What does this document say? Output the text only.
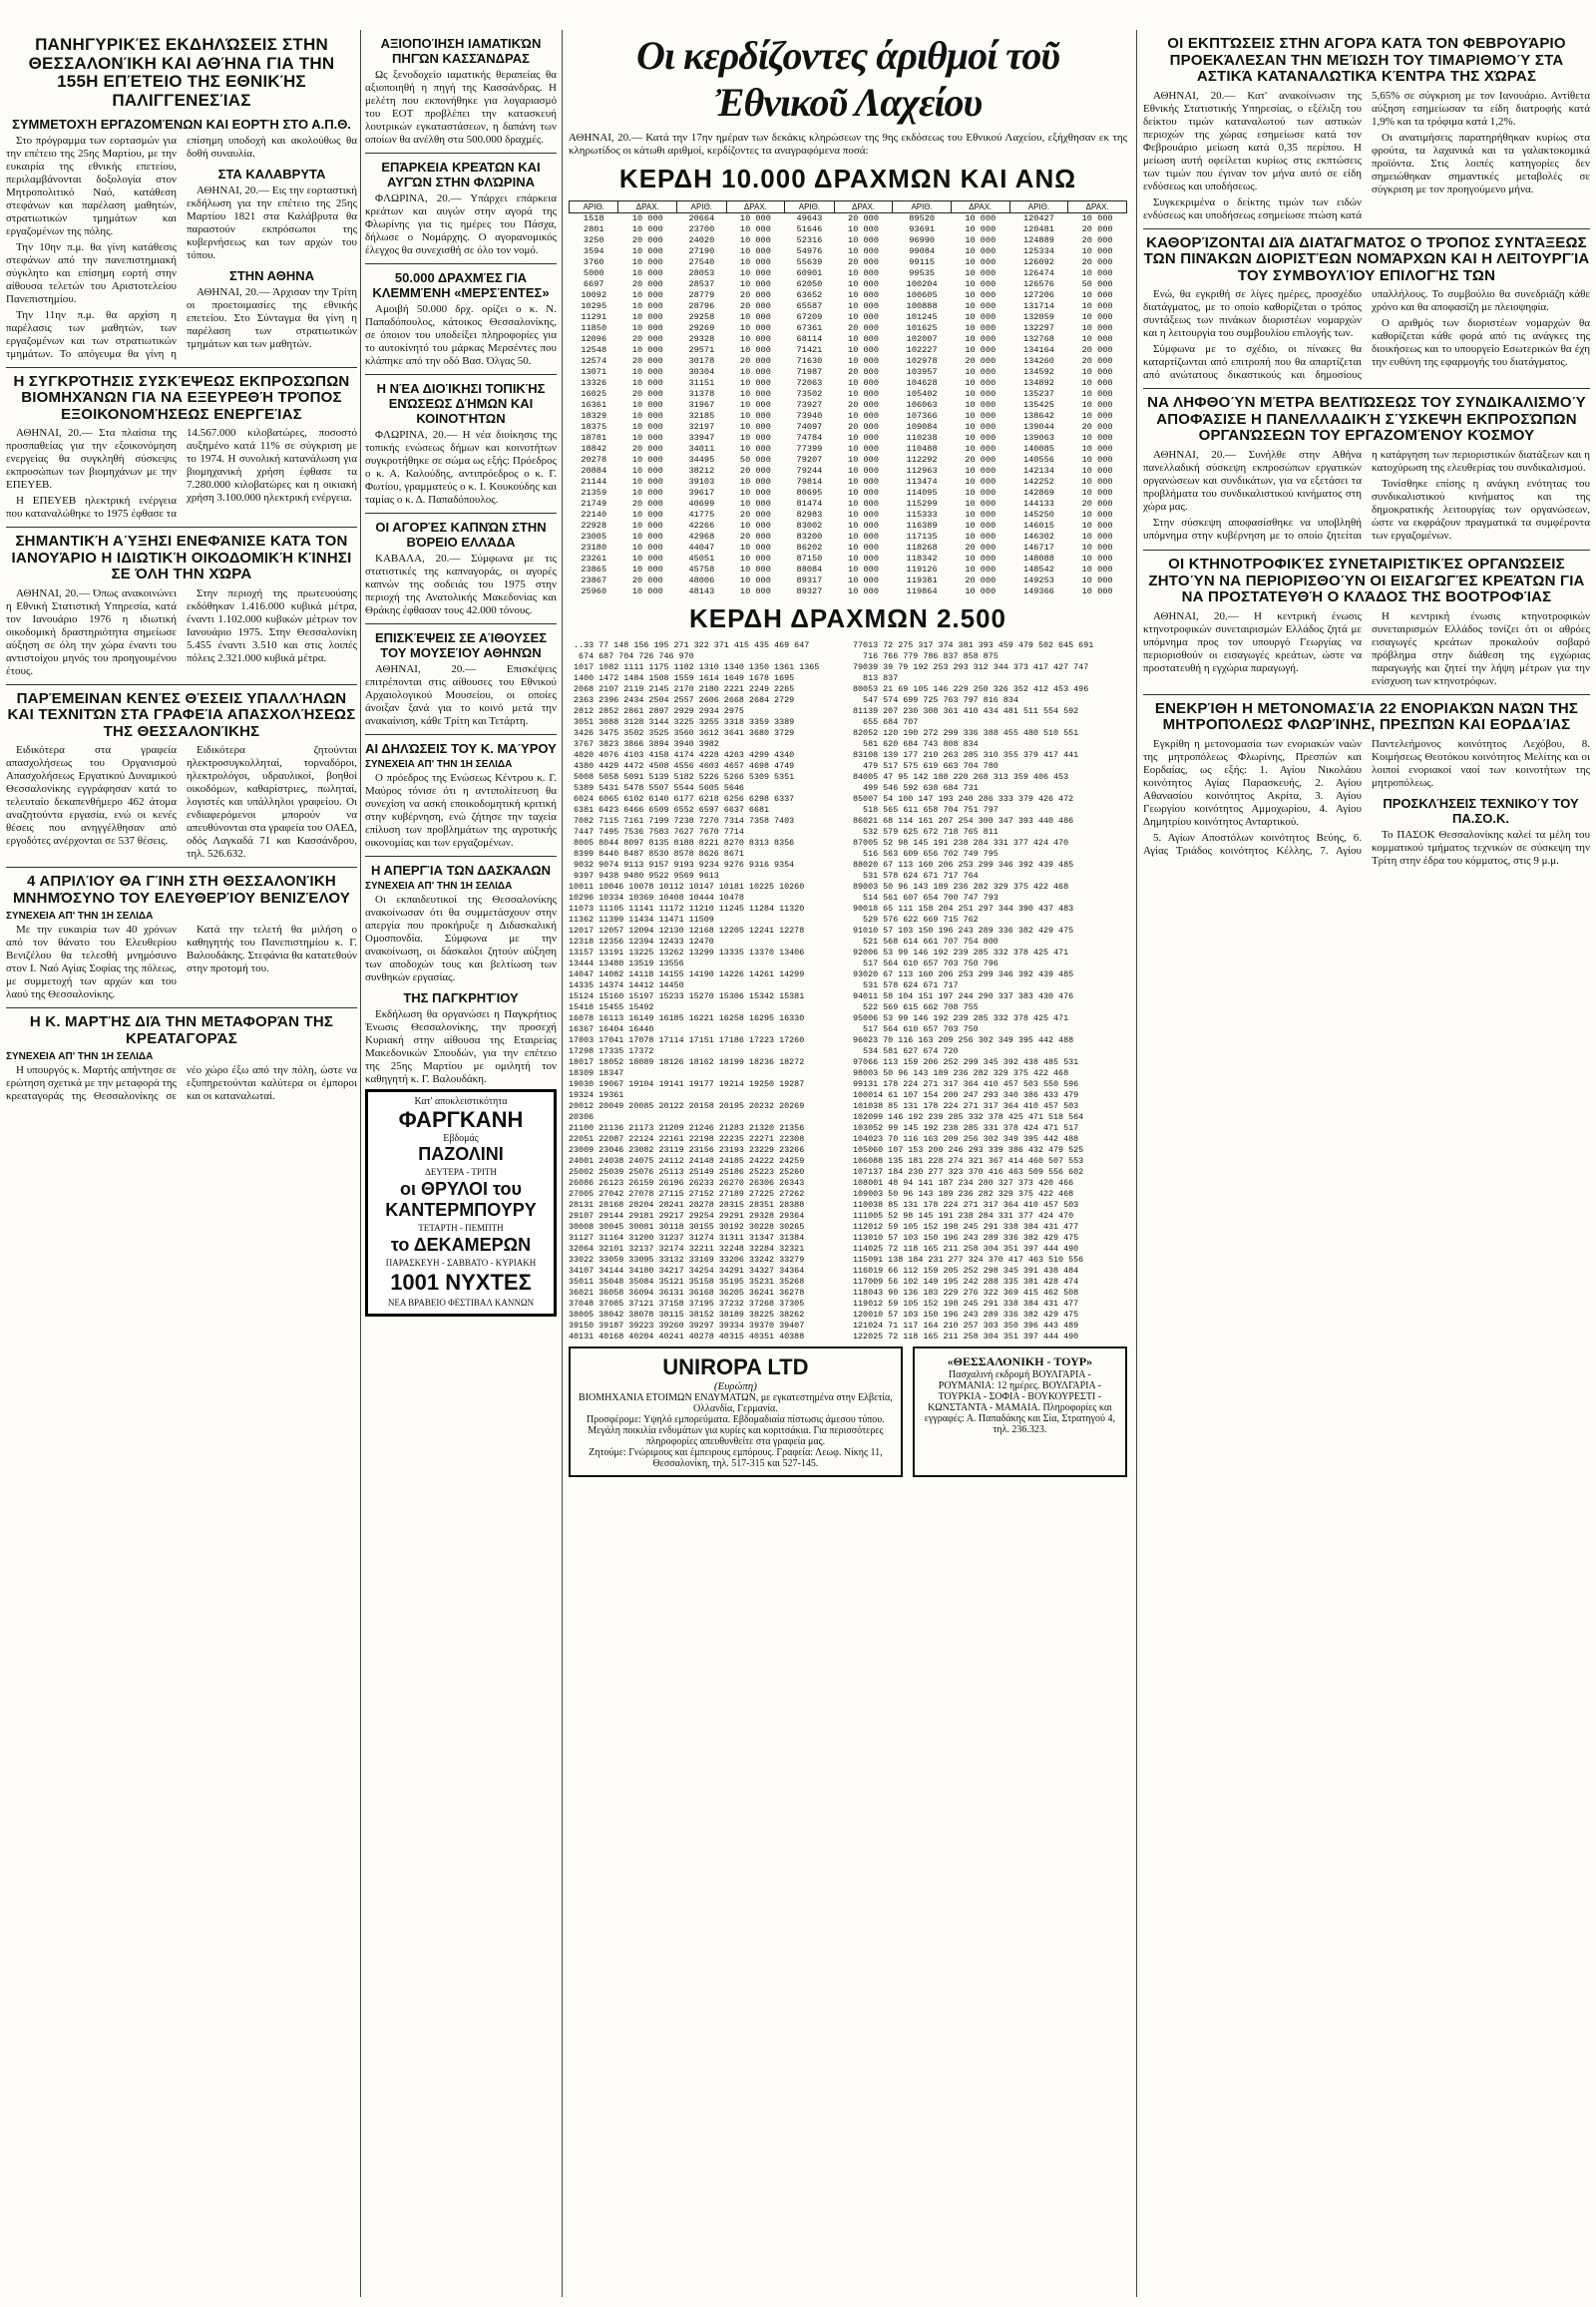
ΠΑΝΗΓΥΡΙΚΈΣ ΕΚΔΗΛΏΣΕΙΣ ΣΤΗΝ ΘΕΣΣΑΛΟΝΊΚΗ ΚΑΙ ΑΘΉΝΑ ΓΙΑ ΤΗΝ 155Η ΕΠΈΤΕΙΟ ΤΗΣ ΕΘΝΙΚΉΣ ΠΑΛΙΓΓΕΝΕΣΊΑΣ
ΣΥΜΜΕΤΟΧΉ ΕΡΓΑΖΟΜΈΝΩΝ ΚΑΙ ΕΟΡΤΉ ΣΤΟ Α.Π.Θ.

Στο πρόγραμμα των εορτασμών για την επέτειο της 25ης Μαρτίου, με την ευκαιρία της εθνικής επετείου, περιλαμβάνονται δοξολογία στον Μητροπολιτικό Ναό, κατάθεση στεφάνων και παρέλαση μαθητών, στρατιωτικών τμημάτων και εργαζομένων της πόλης.

Την 10ην π.μ. θα γίνη κατάθεσις στεφάνων από την πανεπιστημιακή σύγκλητο και επίσημη εορτή στην αίθουσα τελετών του Αριστοτελείου Πανεπιστημίου.

Την 11ην π.μ. θα αρχίση η παρέλασις των μαθητών, των εργαζομένων και των στρατιωτικών τμημάτων. Το απόγευμα θα γίνη η επίσημη υποδοχή και ακολούθως θα δοθή συναυλία.

ΣΤΑ ΚΑΛΑΒΡΥΤΑ

ΑΘΗΝΑΙ, 20.— Εις την εορταστική εκδήλωση για την επέτειο της 25ης Μαρτίου 1821 στα Καλάβρυτα θα παραστούν εκπρόσωποι της κυβερνήσεως και των αρχών του τόπου.

ΣΤΗΝ ΑΘΗΝΑ

ΑΘΗΝΑΙ, 20.— Άρχισαν την Τρίτη οι προετοιμασίες της εθνικής επετείου. Στο Σύνταγμα θα γίνη η παρέλαση των στρατιωτικών τμημάτων και των μαθητών.

Η ΣΥΓΚΡΌΤΗΣΙΣ ΣΥΣΚΈΨΕΩΣ ΕΚΠΡΟΣΏΠΩΝ ΒΙΟΜΗΧΆΝΩΝ ΓΙΑ ΝΑ ΕΞΕΥΡΕΘΉ ΤΡΌΠΟΣ ΕΞΟΙΚΟΝΟΜΉΣΕΩΣ ΕΝΕΡΓΕΊΑΣ

ΑΘΗΝΑΙ, 20.— Στα πλαίσια της προσπαθείας για την εξοικονόμηση ενεργείας θα συγκληθή σύσκεψις εκπροσώπων των βιομηχάνων με την ΕΠΕΥΕΒ.

Η ΕΠΕΥΕΒ ηλεκτρική ενέργεια που καταναλώθηκε το 1975 έφθασε τα 14.567.000 κιλοβατώρες, ποσοστό αυξημένο κατά 11% σε σύγκριση με το 1974. Η συνολική κατανάλωση για βιομηχανική χρήση έφθασε τα 7.280.000 κιλοβατώρες και η οικιακή χρήση 3.100.000 ηλεκτρική ενέργεια.

ΣΗΜΑΝΤΙΚΉ ΑΎΞΗΣΙ ΕΝΕΦΆΝΙΣΕ ΚΑΤΆ ΤΟΝ ΙΑΝΟΥΆΡΙΟ Η ΙΔΙΩΤΙΚΉ ΟΙΚΟΔΟΜΙΚΉ ΚΊΝΗΣΙ ΣΕ ΌΛΗ ΤΗΝ ΧΏΡΑ

ΑΘΗΝΑΙ, 20.— Όπως ανακοινώνει η Εθνική Στατιστική Υπηρεσία, κατά τον Ιανουάριο 1976 η ιδιωτική οικοδομική δραστηριότητα σημείωσε αύξηση σε όλη την χώρα έναντι του αντιστοίχου μηνός του προηγουμένου έτους.

Στην περιοχή της πρωτευούσης εκδόθηκαν 1.416.000 κυβικά μέτρα, έναντι 1.102.000 κυβικών μέτρων τον Ιανουάριο 1975. Στην Θεσσαλονίκη 5.455 έναντι 3.510 και στις λοιπές πόλεις 2.321.000 κυβικά μέτρα.

ΠΑΡΈΜΕΙΝΑΝ ΚΕΝΈΣ ΘΈΣΕΙΣ ΥΠΑΛΛΉΛΩΝ ΚΑΙ ΤΕΧΝΙΤΏΝ ΣΤΑ ΓΡΑΦΕΊΑ ΑΠΑΣΧΟΛΉΣΕΩΣ ΤΗΣ ΘΕΣΣΑΛΟΝΊΚΗΣ

Ειδικότερα στα γραφεία απασχολήσεως του Οργανισμού Απασχολήσεως Εργατικού Δυναμικού Θεσσαλονίκης εγγράφησαν κατά το τελευταίο δεκαπενθήμερο 462 άτομα αναζητούντα εργασία, ενώ οι κενές θέσεις που ανηγγέλθησαν από εργοδότες ανέρχονται σε 537 θέσεις.

Ειδικότερα ζητούνται ηλεκτροσυγκολληταί, τορναδόροι, ηλεκτρολόγοι, υδραυλικοί, βοηθοί οικοδόμων, καθαρίστριες, πωληταί, λογιστές και υπάλληλοι γραφείου. Οι ενδιαφερόμενοι μπορούν να απευθύνονται στα γραφεία του ΟΑΕΔ, οδός Λαγκαδά 71 και Κασσάνδρου, τηλ. 526.632.

4 ΑΠΡΙΛΊΟΥ ΘΑ ΓΊΝΗ ΣΤΗ ΘΕΣΣΑΛΟΝΊΚΗ ΜΝΗΜΌΣΥΝΟ ΤΟΥ ΕΛΕΥΘΕΡΊΟΥ ΒΕΝΙΖΈΛΟΥ
ΣΥΝΕΧΕΙΑ ΑΠ' ΤΗΝ 1Η ΣΕΛΙΔΑ

Με την ευκαιρία των 40 χρόνων από τον θάνατο του Ελευθερίου Βενιζέλου θα τελεσθή μνημόσυνο στον Ι. Ναό Αγίας Σοφίας της πόλεως, με συμμετοχή των αρχών και του λαού της Θεσσαλονίκης.

Κατά την τελετή θα μιλήση ο καθηγητής του Πανεπιστημίου κ. Γ. Βαλουδάκης. Στεφάνια θα κατατεθούν στην προτομή του.

Η Κ. ΜΑΡΤΉΣ ΔΙΆ ΤΗΝ ΜΕΤΑΦΟΡΆΝ ΤΗΣ ΚΡΕΑΤΑΓΟΡΆΣ
ΣΥΝΕΧΕΙΑ ΑΠ' ΤΗΝ 1Η ΣΕΛΙΔΑ

Η υπουργός κ. Μαρτής απήντησε σε ερώτηση σχετικά με την μεταφορά της κρεαταγοράς της Θεσσαλονίκης σε νέο χώρο έξω από την πόλη, ώστε να εξυπηρετούνται καλύτερα οι έμποροι και οι καταναλωταί.

ΑΞΙΟΠΟΊΗΣΗ ΙΑΜΑΤΙΚΏΝ ΠΗΓΏΝ ΚΑΣΣΆΝΔΡΑΣ

Ως ξενοδοχείο ιαματικής θεραπείας θα αξιοποιηθή η πηγή της Κασσάνδρας. Η μελέτη που εκπονήθηκε για λογαριασμό του ΕΟΤ προβλέπει την κατασκευή λουτρικών εγκαταστάσεων, η δαπάνη των οποίων θα ανέλθη στα 500.000 δραχμές.

ΕΠΆΡΚΕΙΑ ΚΡΕΆΤΩΝ ΚΑΙ ΑΥΓΏΝ ΣΤΗΝ ΦΛΏΡΙΝΑ

ΦΛΩΡΙΝΑ, 20.— Υπάρχει επάρκεια κρεάτων και αυγών στην αγορά της Φλωρίνης για τις ημέρες του Πάσχα, δήλωσε ο Νομάρχης. Ο αγορανομικός έλεγχος θα συνεχισθή σε όλο τον νομό.

50.000 ΔΡΑΧΜΈΣ ΓΙΑ ΚΛΕΜΜΈΝΗ «ΜΕΡΣΈΝΤΕΣ»

Αμοιβή 50.000 δρχ. ορίζει ο κ. Ν. Παπαδόπουλος, κάτοικος Θεσσαλονίκης, σε όποιον του υποδείξει πληροφορίες για το αυτοκίνητό του μάρκας Μερσέντες που κλάπηκε από την οδό Βασ. Όλγας 50.

Η ΝΈΑ ΔΙΟΊΚΗΣΙ ΤΟΠΙΚΉΣ ΕΝΏΣΕΩΣ ΔΉΜΩΝ ΚΑΙ ΚΟΙΝΟΤΉΤΩΝ

ΦΛΩΡΙΝΑ, 20.— Η νέα διοίκησις της τοπικής ενώσεως δήμων και κοινοτήτων συγκροτήθηκε σε σώμα ως εξής: Πρόεδρος ο κ. Α. Καλούδης, αντιπρόεδρος ο κ. Γ. Φωτίου, γραμματεύς ο κ. Ι. Κουκούδης και ταμίας ο κ. Δ. Παπαδόπουλος.

ΟΙ ΑΓΟΡΈΣ ΚΑΠΝΏΝ ΣΤΗΝ ΒΌΡΕΙΟ ΕΛΛΆΔΑ

ΚΑΒΑΛΑ, 20.— Σύμφωνα με τις στατιστικές της καπναγοράς, οι αγορές καπνών της σοδειάς του 1975 στην περιοχή της Ανατολικής Μακεδονίας και Θράκης έφθασαν τους 42.000 τόνους.

ΕΠΙΣΚΈΨΕΙΣ ΣΕ ΑΊΘΟΥΣΕΣ ΤΟΥ ΜΟΥΣΕΊΟΥ ΑΘΗΝΏΝ

ΑΘΗΝΑΙ, 20.— Επισκέψεις επιτρέπονται στις αίθουσες του Εθνικού Αρχαιολογικού Μουσείου, οι οποίες άνοιξαν ξανά για το κοινό μετά την ανακαίνιση, κάθε Τρίτη και Τετάρτη.

ΑΙ ΔΗΛΏΣΕΙΣ ΤΟΥ Κ. ΜΑΎΡΟΥ
ΣΥΝΕΧΕΙΑ ΑΠ' ΤΗΝ 1Η ΣΕΛΙΔΑ

Ο πρόεδρος της Ενώσεως Κέντρου κ. Γ. Μαύρος τόνισε ότι η αντιπολίτευση θα συνεχίση να ασκή εποικοδομητική κριτική στην κυβέρνηση, ενώ ζήτησε την ταχεία επίλυση των προβλημάτων της αγροτικής οικονομίας και των εργαζομένων.

Η ΑΠΕΡΓΊΑ ΤΩΝ ΔΑΣΚΆΛΩΝ
ΣΥΝΕΧΕΙΑ ΑΠ' ΤΗΝ 1Η ΣΕΛΙΔΑ

Οι εκπαιδευτικοί της Θεσσαλονίκης ανακοίνωσαν ότι θα συμμετάσχουν στην απεργία που προκήρυξε η Διδασκαλική Ομοσπονδία. Σύμφωνα με την ανακοίνωση, οι δάσκαλοι ζητούν αύξηση των αποδοχών τους και βελτίωση των συνθηκών εργασίας.

ΤΗΣ ΠΑΓΚΡΗΤΊΟΥ

Εκδήλωση θα οργανώσει η Παγκρήτιος Ένωσις Θεσσαλονίκης, την προσεχή Κυριακή στην αίθουσα της Εταιρείας Μακεδονικών Σπουδών, για την επέτειο της 25ης Μαρτίου με ομιλητή τον καθηγητή κ. Γ. Βαλουδάκη.

Κατ' αποκλειστικότητα
ΦΑΡΓΚΑΝΗ
Εβδομάς
ΠΑΖΟΛΙΝΙ
ΔΕΥΤΕΡΑ - ΤΡΙΤΗ
οι ΘΡΥΛΟΙ του ΚΑΝΤΕΡΜΠΟΥΡΥ
ΤΕΤΑΡΤΗ - ΠΕΜΠΤΗ
το ΔΕΚΑΜΕΡΩΝ
ΠΑΡΑΣΚΕΥΗ - ΣΑΒΒΑΤΟ - ΚΥΡΙΑΚΗ
1001 ΝΥΧΤΕΣ
ΝΕΑ ΒΡΑΒΕΙΟ ΦΕΣΤΙΒΑΛ ΚΑΝΝΩΝ
Οι κερδίζοντες άριθμοί τοῦ Ἐθνικοῦ Λαχείου
ΑΘΗΝΑΙ, 20.— Κατά την 17ην ημέραν των δεκάκις κληρώσεων της 9ης εκδόσεως του Εθνικού Λαχείου, εξήχθησαν εκ της κληρωτίδος οι κάτωθι αριθμοί, κερδίζοντες τα αναγραφόμενα ποσά:
ΚΕΡΔΗ 10.000 ΔΡΑΧΜΩΝ ΚΑΙ ΑΝΩ
ΑΡΙΘ.	ΔΡΑΧ.	ΑΡΙΘ.	ΔΡΑΧ.	ΑΡΙΘ.	ΔΡΑΧ.	ΑΡΙΘ.	ΔΡΑΧ.	ΑΡΙΘ.	ΔΡΑΧ.
1518	10 000	20664	10 000	49643	20 000	89520	10 000	120427	10 000
2801	10 000	23700	10 000	51646	10 000	93691	10 000	120481	20 000
3250	20 000	24020	10 000	52316	10 000	96990	10 000	124889	20 000
3594	10 000	27190	10 000	54976	10 000	99084	10 000	125334	10 000
3760	10 000	27540	10 000	55639	20 000	99115	10 000	126092	20 000
5000	10 000	28053	10 000	60901	10 000	99535	10 000	126474	10 000
6697	20 000	28537	10 000	62050	10 000	100204	10 000	126576	50 000
10092	10 000	28779	20 000	63652	10 000	100605	10 000	127206	10 000
10295	10 000	28796	20 000	65587	10 000	100888	10 000	131714	10 000
11291	10 000	29258	10 000	67209	10 000	101245	10 000	132059	10 000
11850	10 000	29269	10 000	67361	20 000	101625	10 000	132297	10 000
12096	20 000	29328	10 000	68114	10 000	102007	10 000	132768	10 000
12548	10 000	29571	10 000	71421	10 000	102227	10 000	134164	20 000
12574	20 000	30178	20 000	71630	10 000	102978	20 000	134260	20 000
13071	10 000	30304	10 000	71987	20 000	103957	10 000	134592	10 000
13326	10 000	31151	10 000	72063	10 000	104628	10 000	134892	10 000
16025	20 000	31378	10 000	73502	10 000	105402	10 000	135237	10 000
16361	10 000	31967	10 000	73927	20 000	106063	10 000	135425	10 000
18329	10 000	32185	10 000	73940	10 000	107366	10 000	138642	10 000
18375	10 000	32197	10 000	74097	20 000	109084	10 000	139044	20 000
18781	10 000	33947	10 000	74784	10 000	110238	10 000	139063	10 000
18842	20 000	34011	10 000	77399	10 000	110488	10 000	140085	10 000
20278	10 000	34495	50 000	79207	10 000	112292	20 000	140556	10 000
20884	10 000	38212	20 000	79244	10 000	112963	10 000	142134	10 000
21144	10 000	39103	10 000	79814	10 000	113474	10 000	142252	10 000
21359	10 000	39617	10 000	80695	10 000	114095	10 000	142869	10 000
21749	20 000	40699	10 000	81474	10 000	115299	10 000	144133	20 000
22140	10 000	41775	20 000	82983	10 000	115333	10 000	145250	10 000
22928	10 000	42266	10 000	83002	10 000	116389	10 000	146015	10 000
23005	10 000	42968	20 000	83200	10 000	117135	10 000	146302	10 000
23180	10 000	44047	10 000	86202	10 000	118268	20 000	146717	10 000
23261	10 000	45051	10 000	87150	10 000	118342	10 000	148088	10 000
23865	10 000	45758	10 000	88084	10 000	119126	10 000	148542	10 000
23867	20 000	48006	10 000	89317	10 000	119381	20 000	149253	10 000
25960	10 000	48143	10 000	89327	10 000	119864	10 000	149366	10 000
ΚΕΡΔΗ ΔΡΑΧΜΩΝ 2.500
..33 77 148 156 195 271 322 371 415 435 469 647
674 687 704 726 746 970
1017 1082 1111 1175 1182 1310 1340 1350 1361 1365
1400 1472 1484 1508 1559 1614 1649 1678 1695
2068 2107 2119 2145 2170 2180 2221 2249 2265
2363 2396 2434 2504 2557 2606 2668 2684 2729
2812 2852 2861 2897 2929 2934 2975
3051 3088 3128 3144 3225 3255 3318 3359 3389
3426 3475 3502 3525 3560 3612 3641 3680 3729
3767 3823 3866 3894 3940 3982
4020 4076 4103 4158 4174 4228 4263 4299 4340
4380 4429 4472 4508 4556 4603 4657 4698 4749
5008 5058 5091 5139 5182 5226 5266 5309 5351
5389 5431 5478 5507 5544 5605 5646
6024 6065 6102 6140 6177 6218 6256 6298 6337
6381 6423 6466 6509 6552 6597 6637 6681
7082 7115 7161 7199 7238 7270 7314 7358 7403
7447 7495 7536 7583 7627 7670 7714
8005 8044 8097 8135 8188 8221 8270 8313 8356
8399 8440 8487 8530 8578 8626 8671
9032 9074 9113 9157 9193 9234 9276 9316 9354
9397 9438 9480 9522 9569 9613
10011 10046 10078 10112 10147 10181 10225 10260
10296 10334 10369 10408 10444 10478
11073 11105 11141 11172 11210 11245 11284 11320
11362 11399 11434 11471 11509
12017 12057 12094 12130 12168 12205 12241 12278
12318 12356 12394 12433 12470
13157 13191 13225 13262 13299 13335 13370 13406
13444 13480 13519 13556
14047 14082 14118 14155 14190 14226 14261 14299
14335 14374 14412 14450
15124 15160 15197 15233 15270 15306 15342 15381
15418 15455 15492
16078 16113 16149 16185 16221 16258 16295 16330
16367 16404 16440
17003 17041 17078 17114 17151 17186 17223 17260
17298 17335 17372
18017 18052 18089 18126 18162 18199 18236 18272
18309 18347
19030 19067 19104 19141 19177 19214 19250 19287
19324 19361
20012 20049 20085 20122 20158 20195 20232 20269
20306
21100 21136 21173 21209 21246 21283 21320 21356
22051 22087 22124 22161 22198 22235 22271 22308
23009 23046 23082 23119 23156 23193 23229 23266
24001 24038 24075 24112 24148 24185 24222 24259
25002 25039 25076 25113 25149 25186 25223 25260
26086 26123 26159 26196 26233 26270 26306 26343
27005 27042 27078 27115 27152 27189 27225 27262
28131 28168 28204 28241 28278 28315 28351 28388
29107 29144 29181 29217 29254 29291 29328 29364
30008 30045 30081 30118 30155 30192 30228 30265
31127 31164 31200 31237 31274 31311 31347 31384
32064 32101 32137 32174 32211 32248 32284 32321
33022 33059 33095 33132 33169 33206 33242 33279
34107 34144 34180 34217 34254 34291 34327 34364
35011 35048 35084 35121 35158 35195 35231 35268
36021 36058 36094 36131 36168 36205 36241 36278
37048 37085 37121 37158 37195 37232 37268 37305
38005 38042 38078 38115 38152 38189 38225 38262
39150 39187 39223 39260 39297 39334 39370 39407
40131 40168 40204 40241 40278 40315 40351 40388

77013 72 275 317 374 381 393 459 479 502 645 691
716 766 779 786 837 858 875
79039 39 79 192 253 293 312 344 373 417 427 747
813 837
80053 21 69 105 146 229 250 326 352 412 453 496
547 574 699 725 763 797 816 834
81139 207 230 308 361 410 434 481 511 554 592
655 684 707
82052 120 190 272 299 336 388 455 480 510 551
581 620 684 743 808 834
83108 139 177 210 263 285 310 355 379 417 441
479 517 575 619 663 704 780
84005 47 95 142 188 220 268 313 359 406 453
499 546 592 638 684 731
85007 54 100 147 193 240 286 333 379 426 472
518 565 611 658 704 751 797
86021 68 114 161 207 254 300 347 393 440 486
532 579 625 672 718 765 811
87005 52 98 145 191 238 284 331 377 424 470
516 563 609 656 702 749 795
88020 67 113 160 206 253 299 346 392 439 485
531 578 624 671 717 764
89003 50 96 143 189 236 282 329 375 422 468
514 561 607 654 700 747 793
90018 65 111 158 204 251 297 344 390 437 483
529 576 622 669 715 762
91010 57 103 150 196 243 289 336 382 429 475
521 568 614 661 707 754 800
92006 53 99 146 192 239 285 332 378 425 471
517 564 610 657 703 750 796
93020 67 113 160 206 253 299 346 392 439 485
531 578 624 671 717
94011 58 104 151 197 244 290 337 383 430 476
522 569 615 662 708 755
95006 53 99 146 192 239 285 332 378 425 471
517 564 610 657 703 750
96023 70 116 163 209 256 302 349 395 442 488
534 581 627 674 720
97066 113 159 206 252 299 345 392 438 485 531
98003 50 96 143 189 236 282 329 375 422 468
99131 178 224 271 317 364 410 457 503 550 596
100014 61 107 154 200 247 293 340 386 433 479
101038 85 131 178 224 271 317 364 410 457 503
102099 146 192 239 285 332 378 425 471 518 564
103052 99 145 192 238 285 331 378 424 471 517
104023 70 116 163 209 256 302 349 395 442 488
105060 107 153 200 246 293 339 386 432 479 525
106088 135 181 228 274 321 367 414 460 507 553
107137 184 230 277 323 370 416 463 509 556 602
108001 48 94 141 187 234 280 327 373 420 466
109003 50 96 143 189 236 282 329 375 422 468
110038 85 131 178 224 271 317 364 410 457 503
111005 52 98 145 191 238 284 331 377 424 470
112012 59 105 152 198 245 291 338 384 431 477
113010 57 103 150 196 243 289 336 382 429 475
114025 72 118 165 211 258 304 351 397 444 490
115091 138 184 231 277 324 370 417 463 510 556
116019 66 112 159 205 252 298 345 391 438 484
117009 56 102 149 195 242 288 335 381 428 474
118043 90 136 183 229 276 322 369 415 462 508
119012 59 105 152 198 245 291 338 384 431 477
120010 57 103 150 196 243 289 336 382 429 475
121024 71 117 164 210 257 303 350 396 443 489
122025 72 118 165 211 258 304 351 397 444 490

UNIROPA LTD
(Ευρώπη)
ΒΙΟΜΗΧΑΝΙΑ ΕΤΟΙΜΩΝ ΕΝΔΥΜΑΤΩΝ, με εγκατεστημένα στην Ελβετία, Ολλανδία, Γερμανία.
Προσφέρομε: Υψηλό εμπορεύματα. Εβδομαδιαία πίστωσις άμεσου τύπου. Μεγάλη ποικιλία ενδυμάτων για κυρίες και κοριτσάκια. Για περισσότερες πληροφορίες απευθυνθείτε στα γραφεία μας.
Ζητούμε: Γνώριμους και έμπειρους εμπόρους. Γραφεία: Λεωφ. Νίκης 11, Θεσσαλονίκη, τηλ. 517-315 και 527-145.
«ΘΕΣΣΑΛΟΝΙΚΗ - ΤΟΥΡ»
Πασχαλινή εκδρομή ΒΟΥΛΓΑΡΙΑ - ΡΟΥΜΑΝΙΑ: 12 ημέρες. ΒΟΥΛΓΑΡΙΑ - ΤΟΥΡΚΙΑ - ΣΟΦΙΑ - ΒΟΥΚΟΥΡΕΣΤΙ - ΚΩΝΣΤΑΝΤΑ - ΜΑΜΑΙΑ. Πληροφορίες και εγγραφές: Α. Παπαδάκης και Σία, Στρατηγού 4, τηλ. 236.323.
ΟΙ ΕΚΠΤΏΣΕΙΣ ΣΤΗΝ ΑΓΟΡΆ ΚΑΤΆ ΤΟΝ ΦΕΒΡΟΥΆΡΙΟ ΠΡΟΕΚΆΛΕΣΑΝ ΤΗΝ ΜΕΊΩΣΗ ΤΟΥ ΤΙΜΑΡΙΘΜΟΎ ΣΤΑ ΑΣΤΙΚΆ ΚΑΤΑΝΑΛΩΤΙΚΆ ΚΈΝΤΡΑ ΤΗΣ ΧΏΡΑΣ

ΑΘΗΝΑΙ, 20.— Κατ' ανακοίνωσιν της Εθνικής Στατιστικής Υπηρεσίας, ο εξέλιξη του δείκτου τιμών καταναλωτού των αστικών περιοχών της χώρας εσημείωσε κατά τον Φεβρουάριο μείωση κατά 0,35 περίπου. Η μείωση αυτή οφείλεται κυρίως στις εκπτώσεις των τιμών που έγιναν τον μήνα αυτό σε είδη ενδύσεως και υποδήσεως.

Συγκεκριμένα ο δείκτης τιμών των ειδών ενδύσεως και υποδήσεως εσημείωσε πτώση κατά 5,65% σε σύγκριση με τον Ιανουάριο. Αντίθετα αύξηση εσημείωσαν τα είδη διατροφής κατά 1,9% και τα τρόφιμα κατά 1,2%.

Οι ανατιμήσεις παρατηρήθηκαν κυρίως στα φρούτα, τα λαχανικά και τα γαλακτοκομικά προϊόντα. Στις λοιπές κατηγορίες δεν σημειώθηκαν σημαντικές μεταβολές σε σύγκριση με τον προηγούμενο μήνα.

ΚΑΘΟΡΊΖΟΝΤΑΙ ΔΙΆ ΔΙΑΤΆΓΜΑΤΟΣ Ο ΤΡΌΠΟΣ ΣΥΝΤΆΞΕΩΣ ΤΩΝ ΠΙΝΆΚΩΝ ΔΙΟΡΙΣΤΈΩΝ ΝΟΜΆΡΧΩΝ ΚΑΙ Η ΛΕΙΤΟΥΡΓΊΑ ΤΟΥ ΣΥΜΒΟΥΛΊΟΥ ΕΠΙΛΟΓΉΣ ΤΩΝ

Ενώ, θα εγκριθή σε λίγες ημέρες, προσχέδιο διατάγματος, με το οποίο καθορίζεται ο τρόπος συντάξεως των πινάκων διοριστέων νομαρχών και η λειτουργία του συμβουλίου επιλογής των.

Σύμφωνα με το σχέδιο, οι πίνακες θα καταρτίζωνται από επιτροπή που θα απαρτίζεται από ανώτατους δικαστικούς και δημοσίους υπαλλήλους. Το συμβούλιο θα συνεδριάζη κάθε χρόνο και θα αποφασίζη με πλειοψηφία.

Ο αριθμός των διοριστέων νομαρχών θα καθορίζεται κάθε φορά από τις ανάγκες της διοικήσεως και το υπουργείο Εσωτερικών θα έχη την ευθύνη της εφαρμογής του διατάγματος.

ΝΑ ΛΗΦΘΟΎΝ ΜΈΤΡΑ ΒΕΛΤΙΏΣΕΩΣ ΤΟΥ ΣΥΝΔΙΚΑΛΙΣΜΟΎ ΑΠΟΦΆΣΙΣΕ Η ΠΑΝΕΛΛΑΔΙΚΉ ΣΎΣΚΕΨΗ ΕΚΠΡΟΣΏΠΩΝ ΟΡΓΑΝΏΣΕΩΝ ΤΟΥ ΕΡΓΑΖΟΜΈΝΟΥ ΚΌΣΜΟΥ

ΑΘΗΝΑΙ, 20.— Συνήλθε στην Αθήνα πανελλαδική σύσκεψη εκπροσώπων εργατικών οργανώσεων και συνδικάτων, για να εξετάσει τα προβλήματα του συνδικαλιστικού κινήματος στη χώρα μας.

Στην σύσκεψη αποφασίσθηκε να υποβληθή υπόμνημα στην κυβέρνηση με το οποίο ζητείται η κατάργηση των περιοριστικών διατάξεων και η κατοχύρωση της ελευθερίας του συνδικαλισμού.

Τονίσθηκε επίσης η ανάγκη ενότητας του συνδικαλιστικού κινήματος και της δημοκρατικής λειτουργίας των οργανώσεων, ώστε να εκφράζουν πραγματικά τα συμφέροντα των εργαζομένων.

ΟΙ ΚΤΗΝΟΤΡΟΦΙΚΈΣ ΣΥΝΕΤΑΙΡΙΣΤΙΚΈΣ ΟΡΓΑΝΏΣΕΙΣ ΖΗΤΟΎΝ ΝΑ ΠΕΡΙΟΡΙΣΘΟΎΝ ΟΙ ΕΙΣΑΓΩΓΈΣ ΚΡΕΆΤΩΝ ΓΙΑ ΝΑ ΠΡΟΣΤΑΤΕΥΘΉ Ο ΚΛΆΔΟΣ ΤΗΣ ΒΟΟΤΡΟΦΊΑΣ

ΑΘΗΝΑΙ, 20.— Η κεντρική ένωσις κτηνοτροφικών συνεταιρισμών Ελλάδος ζητά με υπόμνημα προς τον υπουργό Γεωργίας να περιορισθούν οι εισαγωγές κρεάτων, ώστε να προστατευθή η εγχώρια παραγωγή.

Η κεντρική ένωσις κτηνοτροφικών συνεταιρισμών Ελλάδος τονίζει ότι οι αθρόες εισαγωγές κρεάτων προκαλούν σοβαρό πρόβλημα στην διάθεση της εγχώριας παραγωγής και ζητεί την λήψη μέτρων για την ενίσχυση των κτηνοτρόφων.

ΕΝΕΚΡΊΘΗ Η ΜΕΤΟΝΟΜΑΣΊΑ 22 ΕΝΟΡΙΑΚΏΝ ΝΑΏΝ ΤΗΣ ΜΗΤΡΟΠΌΛΕΩΣ ΦΛΩΡΊΝΗΣ, ΠΡΕΣΠΏΝ ΚΑΙ ΕΟΡΔΑΊΑΣ

Εγκρίθη η μετονομασία των ενοριακών ναών της μητροπόλεως Φλωρίνης, Πρεσπών και Εορδαίας, ως εξής: 1. Αγίου Νικολάου κοινότητος Αγίας Παρασκευής, 2. Αγίου Αθανασίου κοινότητος Ακρίτα, 3. Αγίου Γεωργίου κοινότητος Αμμοχωρίου, 4. Αγίου Δημητρίου κοινότητος Ανταρτικού.

5. Αγίων Αποστόλων κοινότητος Βεύης, 6. Αγίας Τριάδος κοινότητος Κέλλης, 7. Αγίου Παντελεήμονος κοινότητος Λεχόβου, 8. Κοιμήσεως Θεοτόκου κοινότητος Μελίτης και οι λοιποί ενοριακοί ναοί των κοινοτήτων της μητροπόλεως.

ΠΡΟΣΚΛΉΣΕΙΣ ΤΕΧΝΙΚΟΎ ΤΟΥ ΠΑ.ΣΟ.Κ.

Το ΠΑΣΟΚ Θεσσαλονίκης καλεί τα μέλη του κομματικού τμήματος τεχνικών σε σύσκεψη την Τρίτη στην έδρα του κόμματος, στις 9 μ.μ.
